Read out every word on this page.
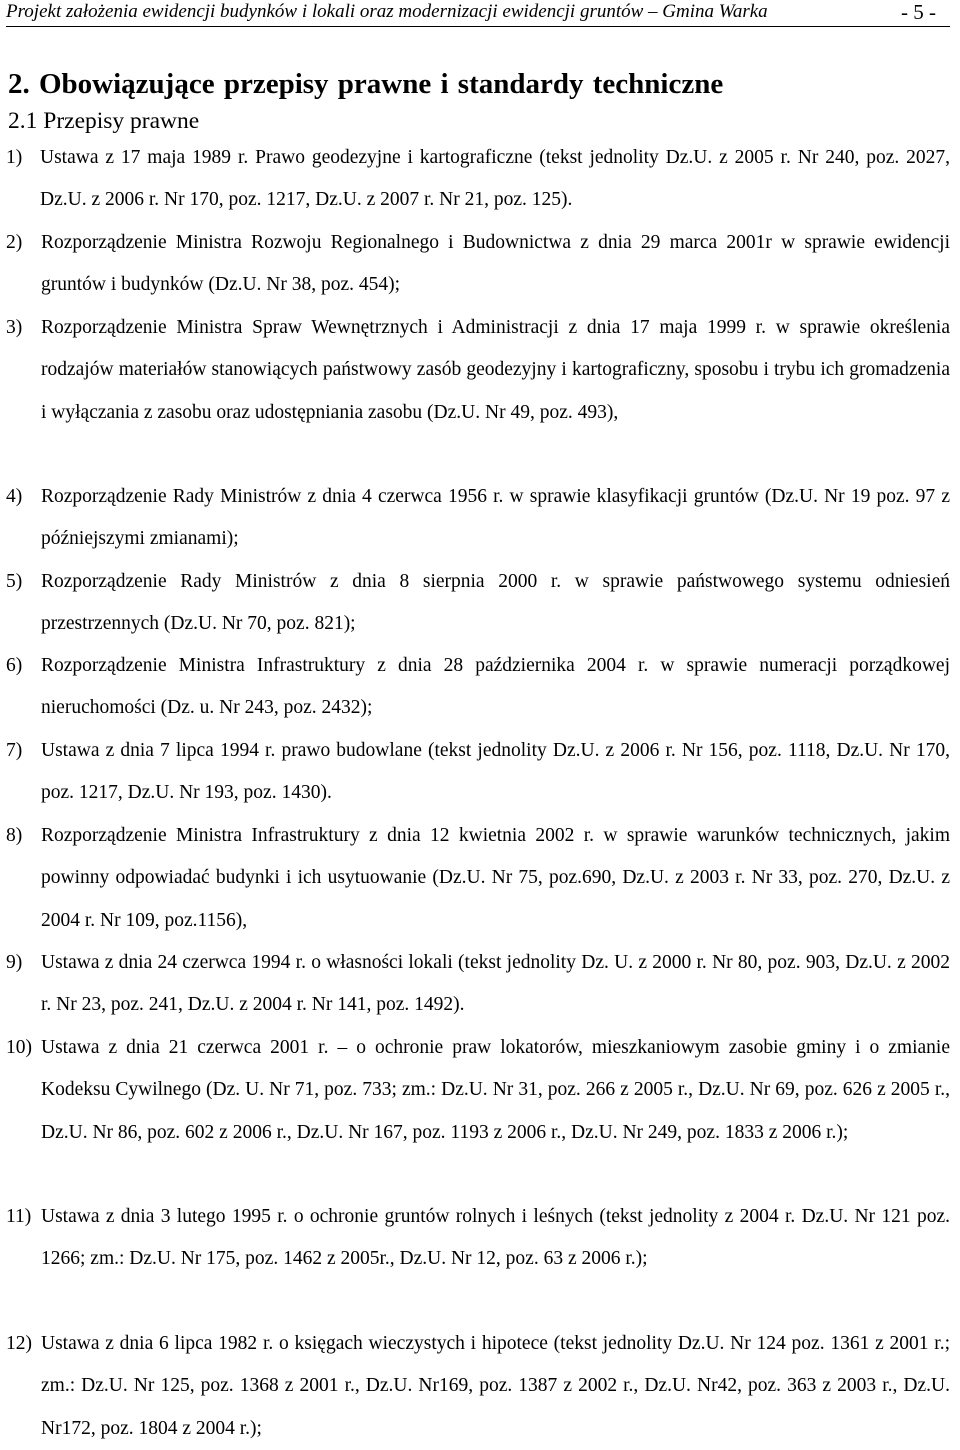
Projekt założenia ewidencji budynków i lokali oraz modernizacji ewidencji gruntów – Gmina Warka	- 5 -
2. Obowiązujące przepisy prawne i standardy techniczne
2.1 Przepisy prawne
1) Ustawa z 17 maja 1989 r. Prawo geodezyjne i kartograficzne (tekst jednolity Dz.U. z 2005 r. Nr 240, poz. 2027, Dz.U. z 2006 r. Nr 170, poz. 1217, Dz.U. z 2007 r. Nr 21, poz. 125).
2) Rozporządzenie Ministra Rozwoju Regionalnego i Budownictwa z dnia 29 marca 2001r w sprawie ewidencji gruntów i budynków (Dz.U. Nr 38, poz. 454);
3) Rozporządzenie Ministra Spraw Wewnętrznych i Administracji z dnia 17 maja 1999 r. w sprawie określenia rodzajów materiałów stanowiących państwowy zasób geodezyjny i kartograficzny, sposobu i trybu ich gromadzenia i wyłączania z zasobu oraz udostępniania zasobu (Dz.U. Nr 49, poz. 493),
4) Rozporządzenie Rady Ministrów z dnia 4 czerwca 1956 r. w sprawie klasyfikacji gruntów (Dz.U. Nr 19 poz. 97 z późniejszymi zmianami);
5) Rozporządzenie Rady Ministrów z dnia 8 sierpnia 2000 r. w sprawie państwowego systemu odniesień przestrzennych (Dz.U. Nr 70, poz. 821);
6) Rozporządzenie Ministra Infrastruktury z dnia 28 października 2004 r. w sprawie numeracji porządkowej nieruchomości (Dz. u. Nr 243, poz. 2432);
7) Ustawa z dnia 7 lipca 1994 r. prawo budowlane (tekst jednolity Dz.U. z 2006 r. Nr 156, poz. 1118, Dz.U. Nr 170, poz. 1217, Dz.U. Nr 193, poz. 1430).
8) Rozporządzenie Ministra Infrastruktury z dnia 12 kwietnia 2002 r. w sprawie warunków technicznych, jakim powinny odpowiadać budynki i ich usytuowanie (Dz.U. Nr 75, poz.690, Dz.U. z 2003 r. Nr 33, poz. 270, Dz.U. z 2004 r. Nr 109, poz.1156),
9) Ustawa z dnia 24 czerwca 1994 r. o własności lokali (tekst jednolity Dz. U. z 2000 r. Nr 80, poz. 903, Dz.U. z 2002 r. Nr 23, poz. 241, Dz.U. z 2004 r. Nr 141, poz. 1492).
10) Ustawa z dnia 21 czerwca 2001 r. – o ochronie praw lokatorów, mieszkaniowym zasobie gminy i o zmianie Kodeksu Cywilnego (Dz. U. Nr 71, poz. 733; zm.: Dz.U. Nr 31, poz. 266 z 2005 r., Dz.U. Nr 69, poz. 626 z 2005 r., Dz.U. Nr 86, poz. 602 z 2006 r., Dz.U. Nr 167, poz. 1193 z 2006 r., Dz.U. Nr 249, poz. 1833 z 2006 r.);
11) Ustawa z dnia 3 lutego 1995 r. o ochronie gruntów rolnych i leśnych (tekst jednolity z 2004 r. Dz.U. Nr 121 poz. 1266; zm.: Dz.U. Nr 175, poz. 1462 z 2005r., Dz.U. Nr 12, poz. 63 z 2006 r.);
12) Ustawa z dnia 6 lipca 1982 r. o księgach wieczystych i hipotece (tekst jednolity Dz.U. Nr 124 poz. 1361 z 2001 r.; zm.: Dz.U. Nr 125, poz. 1368 z 2001 r., Dz.U. Nr169, poz. 1387 z 2002 r., Dz.U. Nr42, poz. 363 z 2003 r., Dz.U. Nr172, poz. 1804 z 2004 r.);
